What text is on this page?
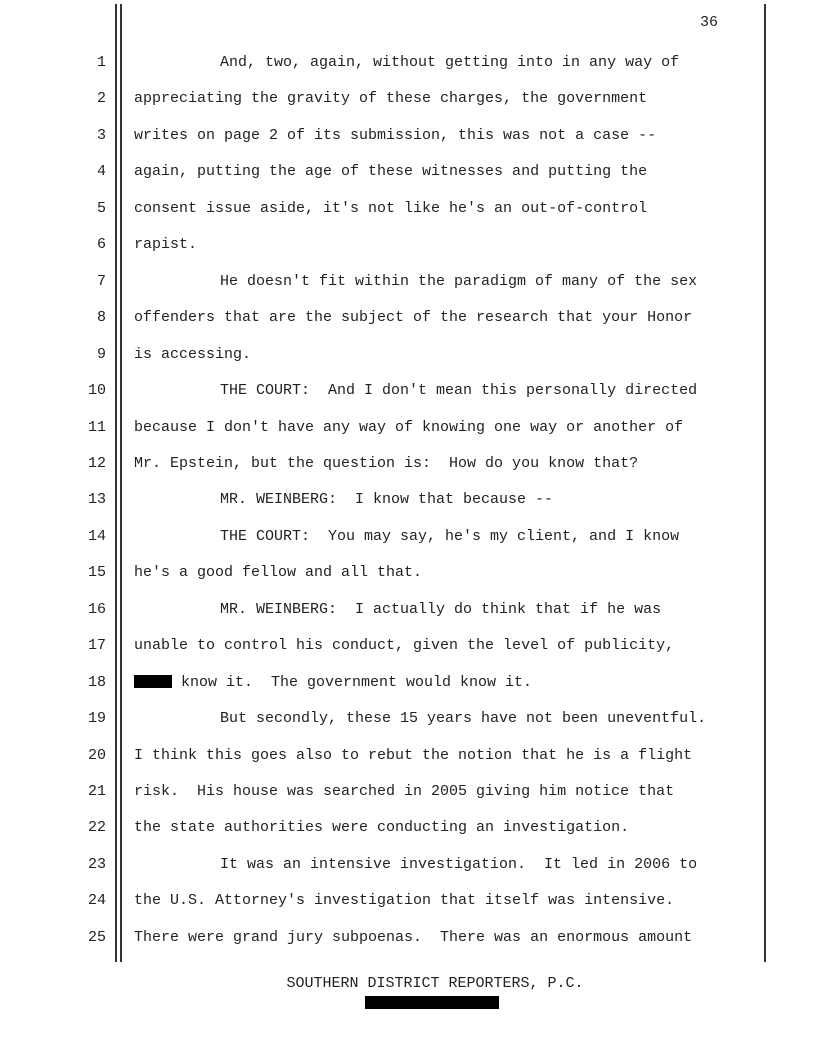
36
1	And, two, again, without getting into in any way of
2 appreciating the gravity of these charges, the government
3 writes on page 2 of its submission, this was not a case --
4 again, putting the age of these witnesses and putting the
5 consent issue aside, it's not like he's an out-of-control
6 rapist.
7	He doesn't fit within the paradigm of many of the sex
8 offenders that are the subject of the research that your Honor
9 is accessing.
10	THE COURT:  And I don't mean this personally directed
11 because I don't have any way of knowing one way or another of
12 Mr. Epstein, but the question is:  How do you know that?
13	MR. WEINBERG:  I know that because --
14	THE COURT:  You may say, he's my client, and I know
15 he's a good fellow and all that.
16	MR. WEINBERG:  I actually do think that if he was
17 unable to control his conduct, given the level of publicity,
18	know it.  The government would know it.
19	But secondly, these 15 years have not been uneventful.
20 I think this goes also to rebut the notion that he is a flight
21 risk.  His house was searched in 2005 giving him notice that
22 the state authorities were conducting an investigation.
23	It was an intensive investigation.  It led in 2006 to
24 the U.S. Attorney's investigation that itself was intensive.
25 There were grand jury subpoenas.  There was an enormous amount
SOUTHERN DISTRICT REPORTERS, P.C.
